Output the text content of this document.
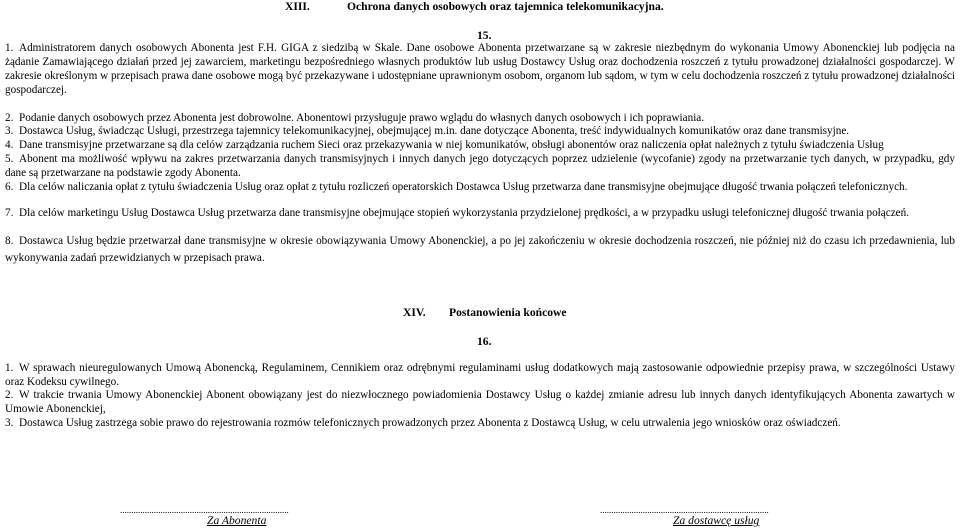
XIII.	Ochrona danych osobowych oraz tajemnica telekomunikacyjna.
15.
1. Administratorem danych osobowych Abonenta jest F.H. GIGA z siedzibą w Skale. Dane osobowe Abonenta przetwarzane są w zakresie niezbędnym do wykonania Umowy Abonenckiej lub podjęcia na żądanie Zamawiającego działań przed jej zawarciem, marketingu bezpośredniego własnych produktów lub usług Dostawcy Usług oraz dochodzenia roszczeń z tytułu prowadzonej działalności gospodarczej. W zakresie określonym w przepisach prawa dane osobowe mogą być przekazywane i udostępniane uprawnionym osobom, organom lub sądom, w tym w celu dochodzenia roszczeń z tytułu prowadzonej działalności gospodarczej.
2. Podanie danych osobowych przez Abonenta jest dobrowolne. Abonentowi przysługuje prawo wglądu do własnych danych osobowych i ich poprawiania.
3. Dostawca Usług, świadcząc Usługi, przestrzega tajemnicy telekomunikacyjnej, obejmującej m.in. dane dotyczące Abonenta, treść indywidualnych komunikatów oraz dane transmisyjne.
4. Dane transmisyjne przetwarzane są dla celów zarządzania ruchem Sieci oraz przekazywania w niej komunikatów, obsługi abonentów oraz naliczenia opłat należnych z tytułu świadczenia Usług
5. Abonent ma możliwość wpływu na zakres przetwarzania danych transmisyjnych i innych danych jego dotyczących poprzez udzielenie (wycofanie) zgody na przetwarzanie tych danych, w przypadku, gdy dane są przetwarzane na podstawie zgody Abonenta.
6. Dla celów naliczania opłat z tytułu świadczenia Usług oraz opłat z tytułu rozliczeń operatorskich Dostawca Usług przetwarza dane transmisyjne obejmujące długość trwania połączeń telefonicznych.
7. Dla celów marketingu Usług Dostawca Usług przetwarza dane transmisyjne obejmujące stopień wykorzystania przydzielonej prędkości, a w przypadku usługi telefonicznej długość trwania połączeń.
8. Dostawca Usług będzie przetwarzał dane transmisyjne w okresie obowiązywania Umowy Abonenckiej, a po jej zakończeniu w okresie dochodzenia roszczeń, nie później niż do czasu ich przedawnienia, lub wykonywania zadań przewidzianych w przepisach prawa.
XIV. Postanowienia końcowe
16.
1. W sprawach nieuregulowanych Umową Abonencką, Regulaminem, Cennikiem oraz odrębnymi regulaminami usług dodatkowych mają zastosowanie odpowiednie przepisy prawa, w szczególności Ustawy oraz Kodeksu cywilnego.
2. W trakcie trwania Umowy Abonenckiej Abonent obowiązany jest do niezwłocznego powiadomienia Dostawcy Usług o każdej zmianie adresu lub innych danych identyfikujących Abonenta zawartych w Umowie Abonenckiej,
3. Dostawca Usług zastrzega sobie prawo do rejestrowania rozmów telefonicznych prowadzonych przez Abonenta z Dostawcą Usług, w celu utrwalenia jego wniosków oraz oświadczeń.
...........................................................................
Za Abonenta
...........................................................................
Za dostawcę usług
